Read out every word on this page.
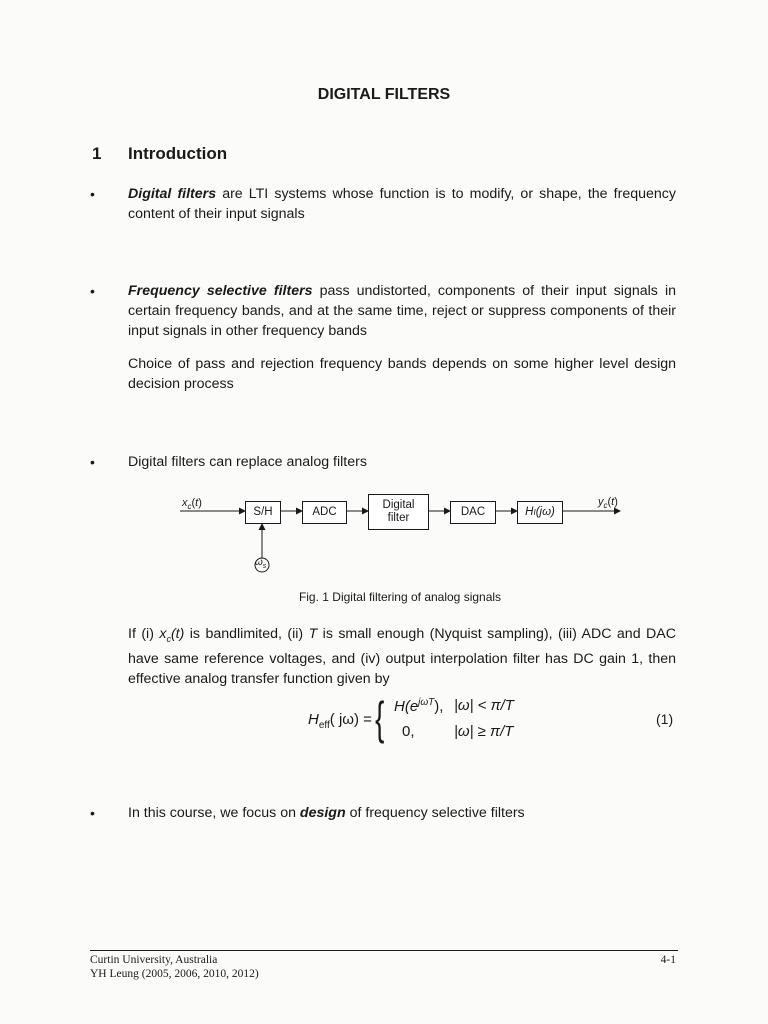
DIGITAL FILTERS
1 Introduction
• Digital filters are LTI systems whose function is to modify, or shape, the frequency content of their input signals
• Frequency selective filters pass undistorted, components of their input signals in certain frequency bands, and at the same time, reject or suppress components of their input signals in other frequency bands
Choice of pass and rejection frequency bands depends on some higher level design decision process
• Digital filters can replace analog filters
$x_c(t)$	$y_c(t)$
S/H	ADC
Digital
filter	DAC	H I (jω)
$\omega_s$
Fig. 1 Digital filtering of analog signals
If (i) $x_c(t)$ is bandlimited, (ii) T is small enough (Nyquist sampling), (iii) ADC and DAC have same reference voltages, and (iv) output interpolation filter has DC gain 1, then effective analog transfer function given by
$H_{eff}$( jω) = { $H(e^{j\omega T})$, |ω| < π/T
0,	|ω| ≥ π/T
(1)
• In this course, we focus on design of frequency selective filters
Curtin University, Australia
YH Leung (2005, 2006, 2010, 2012)
4-1
